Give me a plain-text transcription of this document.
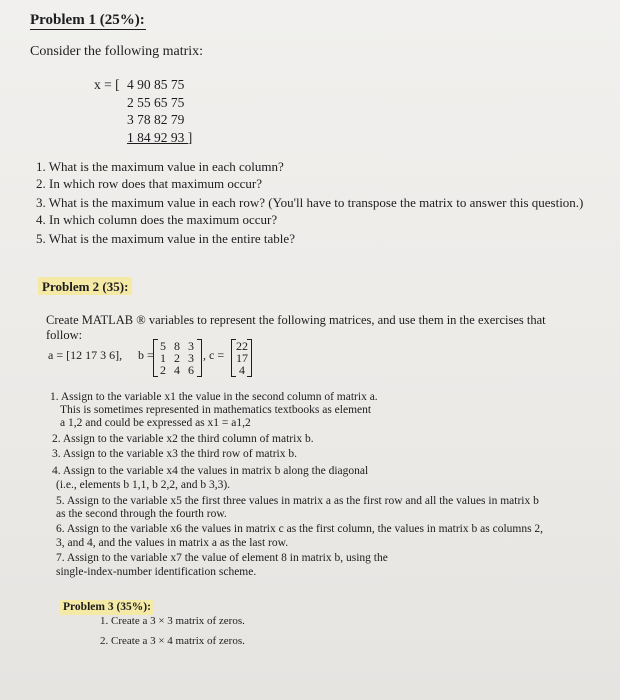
Problem 1 (25%):
Consider the following matrix:
x = [ 4 90 85 75
2 55 65 75
3 78 82 79
1 84 92 93 ]
1. What is the maximum value in each column?
2. In which row does that maximum occur?
3. What is the maximum value in each row? (You'll have to transpose the matrix to answer this question.)
4. In which column does the maximum occur?
5. What is the maximum value in the entire table?
Problem 2 (35):
Create MATLAB ® variables to represent the following matrices, and use them in the exercises that
follow:
a = [12 17 3 6], b =
5 8 3
1 2 3
2 4 6
, c =
22
17
4
1. Assign to the variable x1 the value in the second column of matrix a.
This is sometimes represented in mathematics textbooks as element
a 1,2 and could be expressed as x1 = a1,2
2. Assign to the variable x2 the third column of matrix b.
3. Assign to the variable x3 the third row of matrix b.
4. Assign to the variable x4 the values in matrix b along the diagonal
(i.e., elements b 1,1, b 2,2, and b 3,3).
5. Assign to the variable x5 the first three values in matrix a as the first row and all the values in matrix b
as the second through the fourth row.
6. Assign to the variable x6 the values in matrix c as the first column, the values in matrix b as columns 2,
3, and 4, and the values in matrix a as the last row.
7. Assign to the variable x7 the value of element 8 in matrix b, using the
single-index-number identification scheme.
Problem 3 (35%):
1. Create a 3 × 3 matrix of zeros.
2. Create a 3 × 4 matrix of zeros.
